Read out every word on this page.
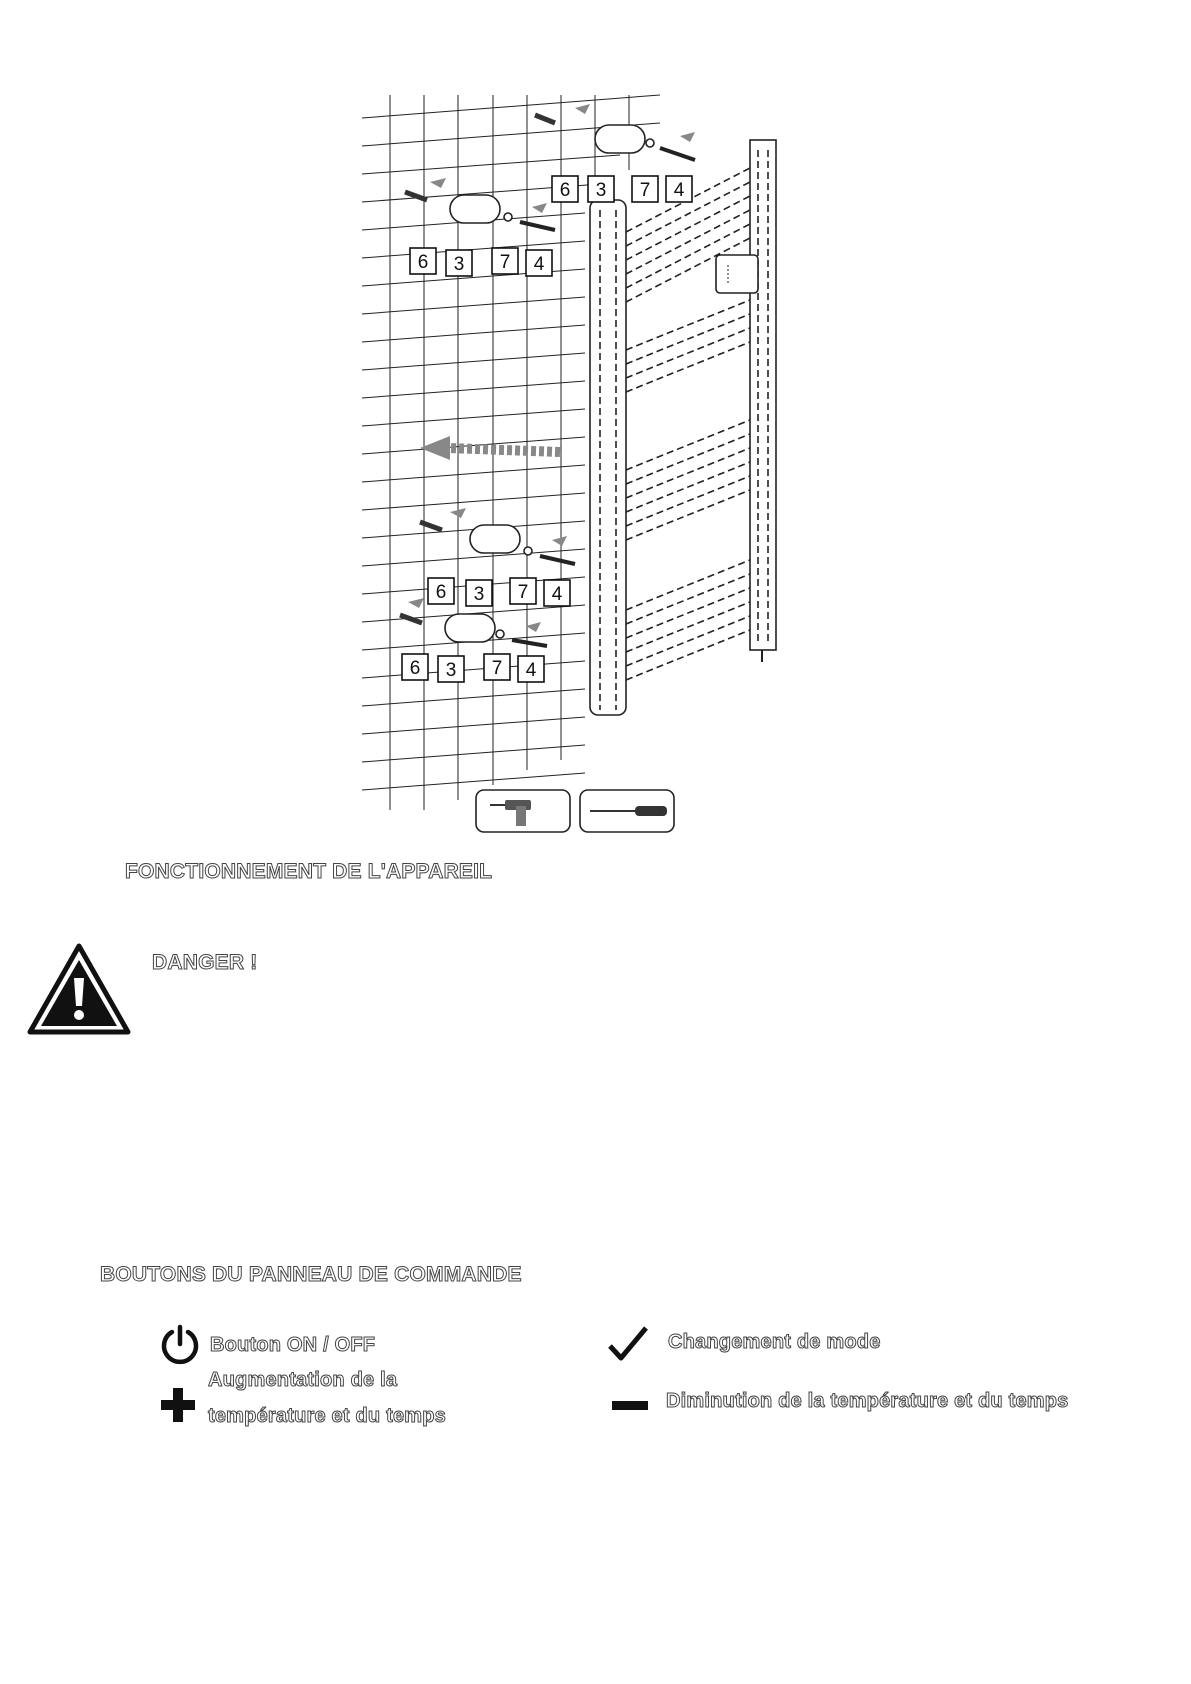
6 3 7 4
6 3 7 4
6 3 7 4
6 3 7 4
FONCTIONNEMENT DE L'APPAREIL
DANGER !
BOUTONS DU PANNEAU DE COMMANDE
Bouton ON / OFF
Augmentation de la
température et du temps
Changement de mode
Diminution de la température et du temps
